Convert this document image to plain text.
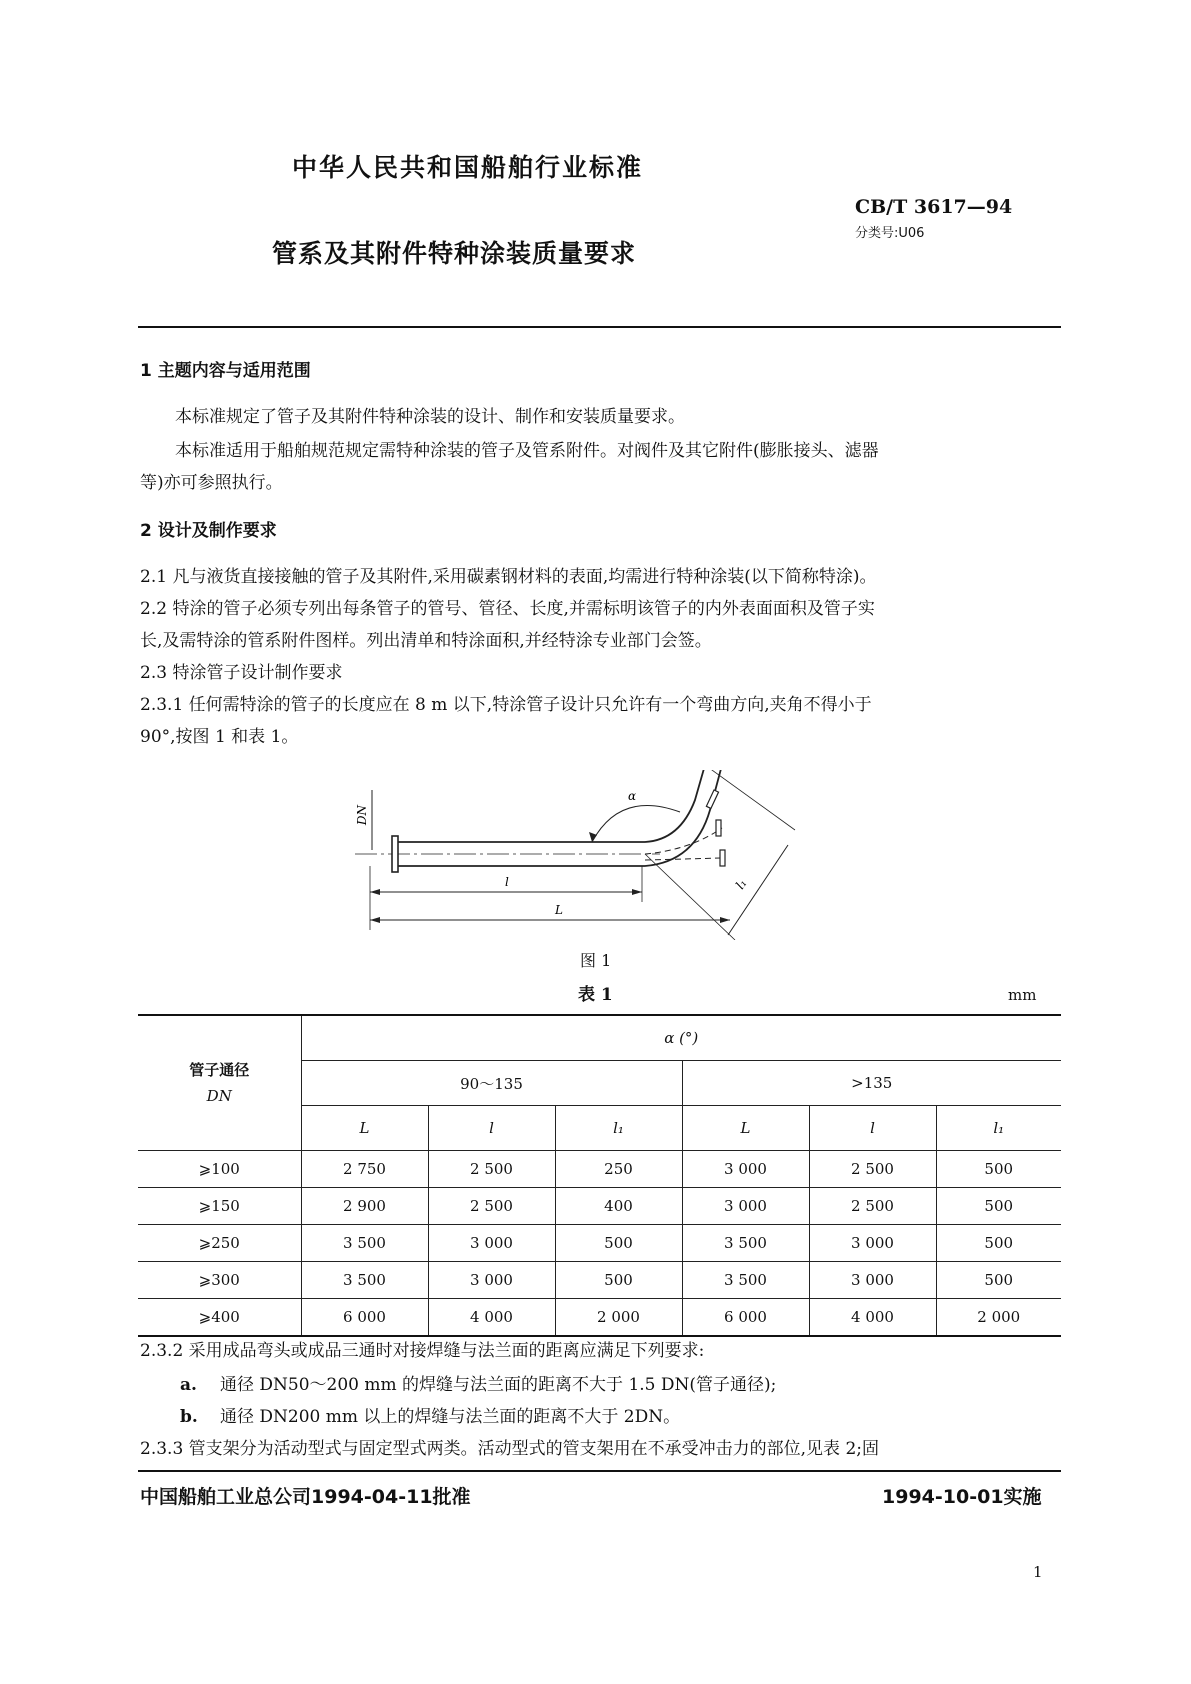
中华人民共和国船舶行业标准
CB/T 3617—94
分类号:U06
管系及其附件特种涂装质量要求
1 主题内容与适用范围
本标准规定了管子及其附件特种涂装的设计、制作和安装质量要求。
本标准适用于船舶规范规定需特种涂装的管子及管系附件。对阀件及其它附件(膨胀接头、滤器
等)亦可参照执行。
2 设计及制作要求
2.1 凡与液货直接接触的管子及其附件,采用碳素钢材料的表面,均需进行特种涂装(以下简称特涂)。
2.2 特涂的管子必须专列出每条管子的管号、管径、长度,并需标明该管子的内外表面面积及管子实
长,及需特涂的管系附件图样。列出清单和特涂面积,并经特涂专业部门会签。
2.3 特涂管子设计制作要求
2.3.1 任何需特涂的管子的长度应在 8 m 以下,特涂管子设计只允许有一个弯曲方向,夹角不得小于
90°,按图 1 和表 1。
DN
α
l₁
l
L
图 1
表 1	mm
管子通径
DN	α (°)					
	90～135			>135		
	L	l	l₁	L	l	l₁
⩾100	2 750	2 500	250	3 000	2 500	500
⩾150	2 900	2 500	400	3 000	2 500	500
⩾250	3 500	3 000	500	3 500	3 000	500
⩾300	3 500	3 000	500	3 500	3 000	500
⩾400	6 000	4 000	2 000	6 000	4 000	2 000
2.3.2 采用成品弯头或成品三通时对接焊缝与法兰面的距离应满足下列要求:
a. 通径 DN50～200 mm 的焊缝与法兰面的距离不大于 1.5 DN(管子通径);
b. 通径 DN200 mm 以上的焊缝与法兰面的距离不大于 2DN。
2.3.3 管支架分为活动型式与固定型式两类。活动型式的管支架用在不承受冲击力的部位,见表 2;固
中国船舶工业总公司1994-04-11批准	1994-10-01实施
1
